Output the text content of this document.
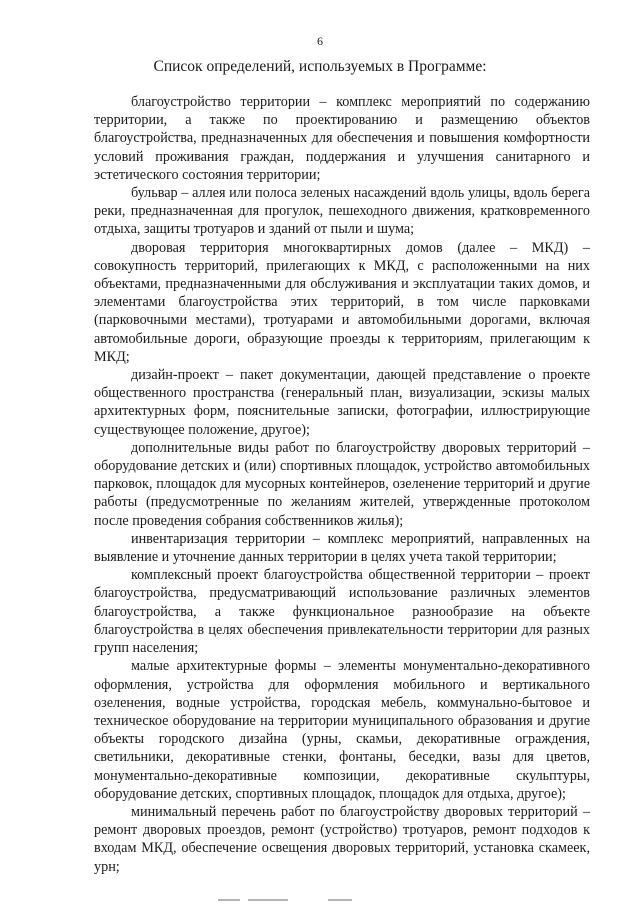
6
Список определений, используемых в Программе:

благоустройство территории – комплекс мероприятий по содержанию территории, а также по проектированию и размещению объектов благоустройства, предназначенных для обеспечения и повышения комфортности условий проживания граждан, поддержания и улучшения санитарного и эстетического состояния территории;

бульвар – аллея или полоса зеленых насаждений вдоль улицы, вдоль берега реки, предназначенная для прогулок, пешеходного движения, кратковременного отдыха, защиты тротуаров и зданий от пыли и шума;

дворовая территория многоквартирных домов (далее – МКД) – совокупность территорий, прилегающих к МКД, с расположенными на них объектами, предназначенными для обслуживания и эксплуатации таких домов, и элементами благоустройства этих территорий, в том числе парковками (парковочными местами), тротуарами и автомобильными дорогами, включая автомобильные дороги, образующие проезды к территориям, прилегающим к МКД;

дизайн-проект – пакет документации, дающей представление о проекте общественного пространства (генеральный план, визуализации, эскизы малых архитектурных форм, пояснительные записки, фотографии, иллюстрирующие существующее положение, другое);

дополнительные виды работ по благоустройству дворовых территорий – оборудование детских и (или) спортивных площадок, устройство автомобильных парковок, площадок для мусорных контейнеров, озеленение территорий и другие работы (предусмотренные по желаниям жителей, утвержденные протоколом после проведения собрания собственников жилья);

инвентаризация территории – комплекс мероприятий, направленных на выявление и уточнение данных территории в целях учета такой территории;

комплексный проект благоустройства общественной территории – проект благоустройства, предусматривающий использование различных элементов благоустройства, а также функциональное разнообразие на объекте благоустройства в целях обеспечения привлекательности территории для разных групп населения;

малые архитектурные формы – элементы монументально-декоративного оформления, устройства для оформления мобильного и вертикального озеленения, водные устройства, городская мебель, коммунально-бытовое и техническое оборудование на территории муниципального образования и другие объекты городского дизайна (урны, скамьи, декоративные ограждения, светильники, декоративные стенки, фонтаны, беседки, вазы для цветов, монументально-декоративные композиции, декоративные скульптуры, оборудование детских, спортивных площадок, площадок для отдыха, другое);

минимальный перечень работ по благоустройству дворовых территорий – ремонт дворовых проездов, ремонт (устройство) тротуаров, ремонт подходов к входам МКД, обеспечение освещения дворовых территорий, установка скамеек, урн;
